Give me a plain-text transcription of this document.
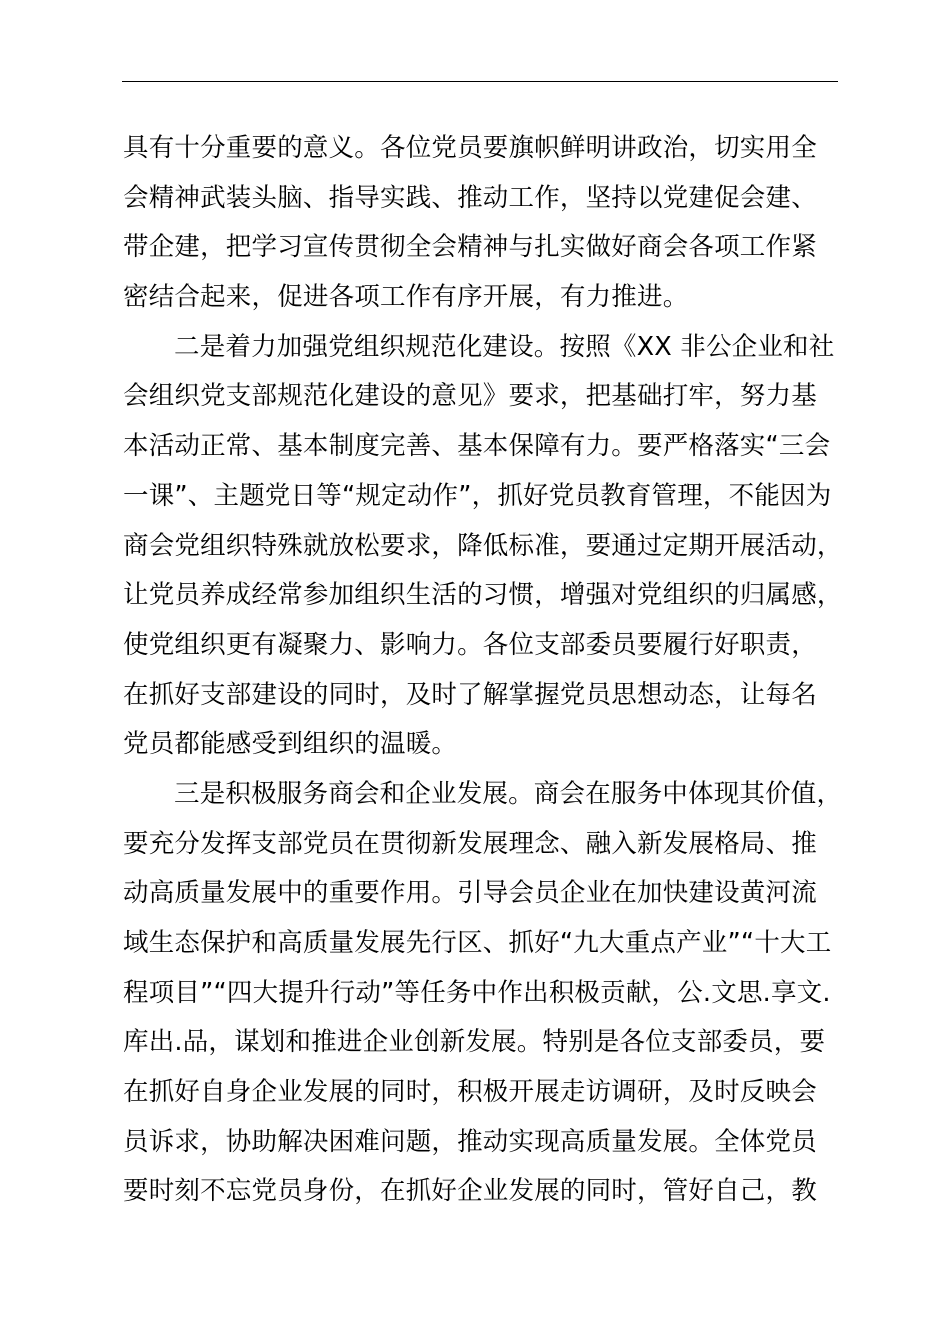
具有十分重要的意义。各位党员要旗帜鲜明讲政治，切实用全
会精神武装头脑、指导实践、推动工作，坚持以党建促会建、
带企建，把学习宣传贯彻全会精神与扎实做好商会各项工作紧
密结合起来，促进各项工作有序开展，有力推进。
二是着力加强党组织规范化建设。按照《XX 非公企业和社
会组织党支部规范化建设的意见》要求，把基础打牢，努力基
本活动正常、基本制度完善、基本保障有力。要严格落实“三会
一课”、主题党日等“规定动作”，抓好党员教育管理，不能因为
商会党组织特殊就放松要求，降低标准，要通过定期开展活动，
让党员养成经常参加组织生活的习惯，增强对党组织的归属感，
使党组织更有凝聚力、影响力。各位支部委员要履行好职责，
在抓好支部建设的同时，及时了解掌握党员思想动态，让每名
党员都能感受到组织的温暖。
三是积极服务商会和企业发展。商会在服务中体现其价值，
要充分发挥支部党员在贯彻新发展理念、融入新发展格局、推
动高质量发展中的重要作用。引导会员企业在加快建设黄河流
域生态保护和高质量发展先行区、抓好“九大重点产业”“十大工
程项目”“四大提升行动”等任务中作出积极贡献，公.文思.享文.
库出.品，谋划和推进企业创新发展。特别是各位支部委员，要
在抓好自身企业发展的同时，积极开展走访调研，及时反映会
员诉求，协助解决困难问题，推动实现高质量发展。全体党员
要时刻不忘党员身份，在抓好企业发展的同时，管好自己，教
